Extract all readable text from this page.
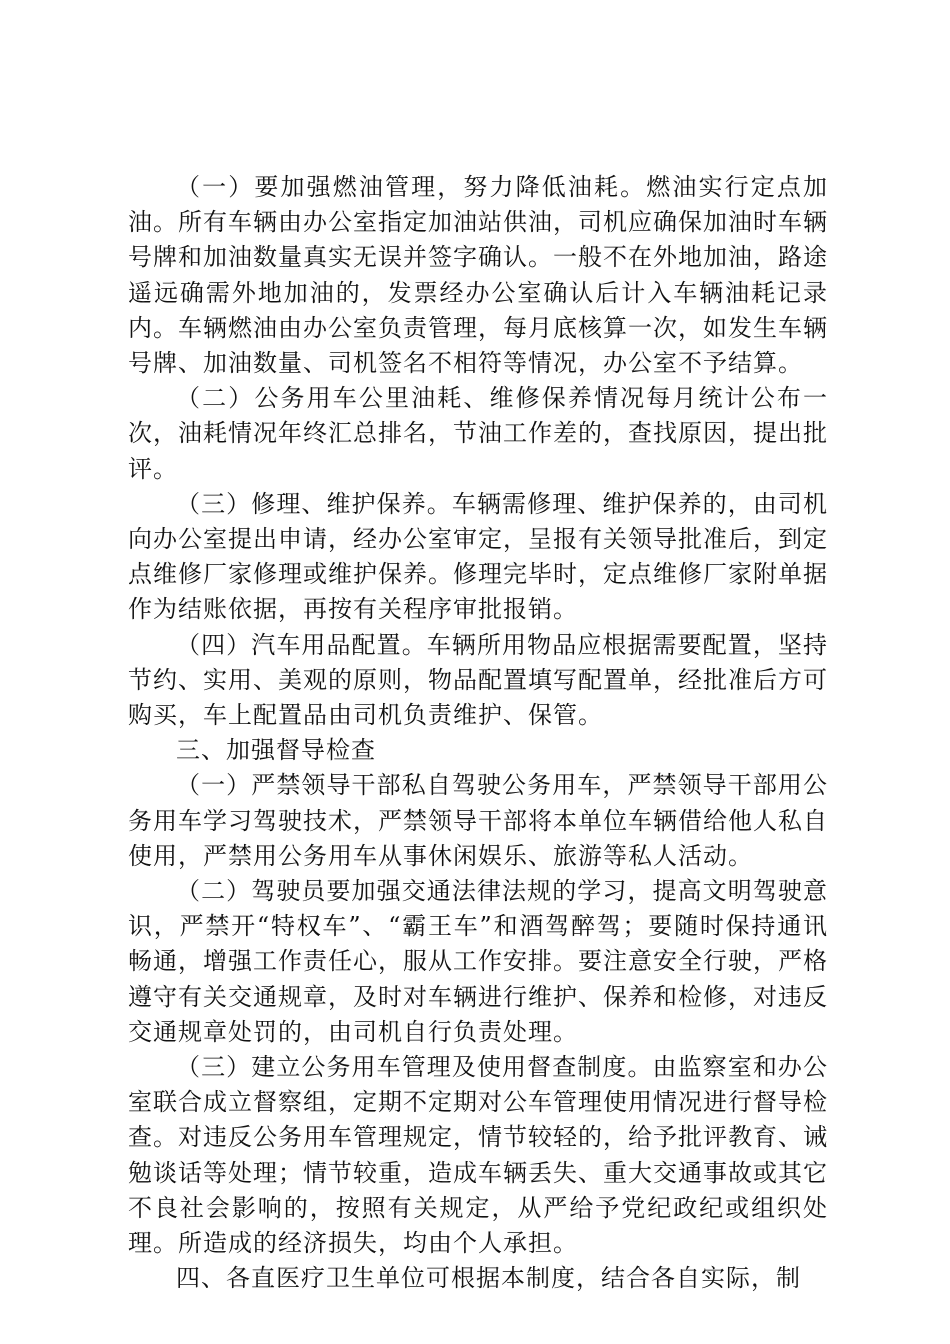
（一）要加强燃油管理，努力降低油耗。燃油实行定点加油。所有车辆由办公室指定加油站供油，司机应确保加油时车辆号牌和加油数量真实无误并签字确认。一般不在外地加油，路途遥远确需外地加油的，发票经办公室确认后计入车辆油耗记录内。车辆燃油由办公室负责管理，每月底核算一次，如发生车辆号牌、加油数量、司机签名不相符等情况，办公室不予结算。

（二）公务用车公里油耗、维修保养情况每月统计公布一次，油耗情况年终汇总排名，节油工作差的，查找原因，提出批评。

（三）修理、维护保养。车辆需修理、维护保养的，由司机向办公室提出申请，经办公室审定，呈报有关领导批准后，到定点维修厂家修理或维护保养。修理完毕时，定点维修厂家附单据作为结账依据，再按有关程序审批报销。

（四）汽车用品配置。车辆所用物品应根据需要配置，坚持节约、实用、美观的原则，物品配置填写配置单，经批准后方可购买，车上配置品由司机负责维护、保管。

三、加强督导检查

（一）严禁领导干部私自驾驶公务用车，严禁领导干部用公务用车学习驾驶技术，严禁领导干部将本单位车辆借给他人私自使用，严禁用公务用车从事休闲娱乐、旅游等私人活动。

（二）驾驶员要加强交通法律法规的学习，提高文明驾驶意识，严禁开“特权车”、“霸王车”和酒驾醉驾；要随时保持通讯畅通，增强工作责任心，服从工作安排。要注意安全行驶，严格遵守有关交通规章，及时对车辆进行维护、保养和检修，对违反交通规章处罚的，由司机自行负责处理。

（三）建立公务用车管理及使用督查制度。由监察室和办公室联合成立督察组，定期不定期对公车管理使用情况进行督导检查。对违反公务用车管理规定，情节较轻的，给予批评教育、诫勉谈话等处理；情节较重，造成车辆丢失、重大交通事故或其它不良社会影响的，按照有关规定，从严给予党纪政纪或组织处理。所造成的经济损失，均由个人承担。

四、各直医疗卫生单位可根据本制度，结合各自实际，制
